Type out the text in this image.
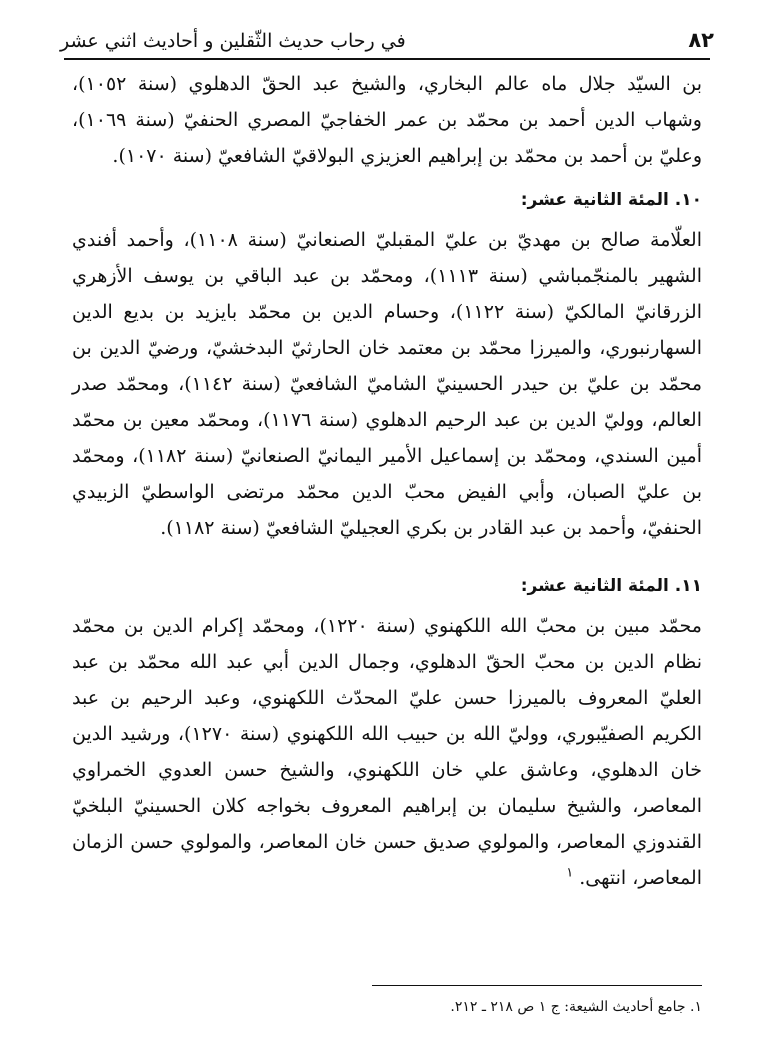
٨٢
في رحاب حديث الثّقلين و أحاديث اثني عشر

بن السيّد جلال ماه عالم البخاري، والشيخ عبد الحقّ الدهلوي (سنة ١٠٥٢)، وشهاب الدين أحمد بن محمّد بن عمر الخفاجيّ المصري الحنفيّ (سنة ١٠٦٩)، وعليّ بن أحمد بن محمّد بن إبراهيم العزيزي البولاقيّ الشافعيّ (سنة ١٠٧٠).

١٠. المئة الثانية عشر:

العلّامة صالح بن مهديّ بن عليّ المقبليّ الصنعانيّ (سنة ١١٠٨)، وأحمد أفندي الشهير بالمنجّمباشي (سنة ١١١٣)، ومحمّد بن عبد الباقي بن يوسف الأزهري الزرقانيّ المالكيّ (سنة ١١٢٢)، وحسام الدين بن محمّد بايزيد بن بديع الدين السهارنبوري، والميرزا محمّد بن معتمد خان الحارثيّ البدخشيّ، ورضيّ الدين بن محمّد بن عليّ بن حيدر الحسينيّ الشاميّ الشافعيّ (سنة ١١٤٢)، ومحمّد صدر العالم، ووليّ الدين بن عبد الرحيم الدهلوي (سنة ١١٧٦)، ومحمّد معين بن محمّد أمين السندي، ومحمّد بن إسماعيل الأمير اليمانيّ الصنعانيّ (سنة ١١٨٢)، ومحمّد بن عليّ الصبان، وأبي الفيض محبّ الدين محمّد مرتضى الواسطيّ الزبيدي الحنفيّ، وأحمد بن عبد القادر بن بكري العجيليّ الشافعيّ (سنة ١١٨٢).

١١. المئة الثانية عشر:

محمّد مبين بن محبّ الله اللكهنوي (سنة ١٢٢٠)، ومحمّد إكرام الدين بن محمّد نظام الدين بن محبّ الحقّ الدهلوي، وجمال الدين أبي عبد الله محمّد بن عبد العليّ المعروف بالميرزا حسن عليّ المحدّث اللكهنوي، وعبد الرحيم بن عبد الكريم الصفيّبوري، ووليّ الله بن حبيب الله اللكهنوي (سنة ١٢٧٠)، ورشيد الدين خان الدهلوي، وعاشق علي خان اللكهنوي، والشيخ حسن العدوي الخمراوي المعاصر، والشيخ سليمان بن إبراهيم المعروف بخواجه كلان الحسينيّ البلخيّ القندوزي المعاصر، والمولوي صديق حسن خان المعاصر، والمولوي حسن الزمان المعاصر، انتهى. $^١$

١. جامع أحاديث الشيعة: ج ١ ص ٢١٨ ـ ٢١٢.
